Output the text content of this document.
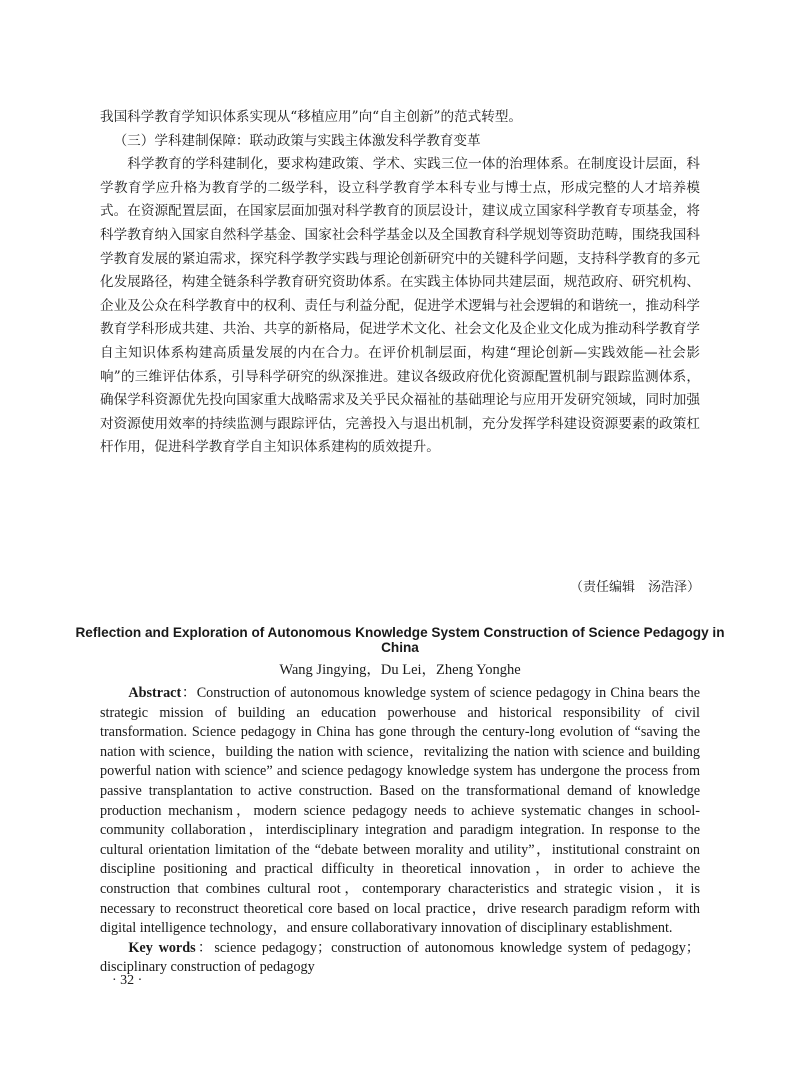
我国科学教育学知识体系实现从“移植应用”向“自主创新”的范式转型。

（三）学科建制保障：联动政策与实践主体激发科学教育变革

科学教育的学科建制化，要求构建政策、学术、实践三位一体的治理体系。在制度设计层面，科学教育学应升格为教育学的二级学科，设立科学教育学本科专业与博士点，形成完整的人才培养模式。在资源配置层面，在国家层面加强对科学教育的顶层设计，建议成立国家科学教育专项基金，将科学教育纳入国家自然科学基金、国家社会科学基金以及全国教育科学规划等资助范畴，围绕我国科学教育发展的紧迫需求，探究科学教学实践与理论创新研究中的关键科学问题，支持科学教育的多元化发展路径，构建全链条科学教育研究资助体系。在实践主体协同共建层面，规范政府、研究机构、企业及公众在科学教育中的权利、责任与利益分配，促进学术逻辑与社会逻辑的和谐统一，推动科学教育学科形成共建、共治、共享的新格局，促进学术文化、社会文化及企业文化成为推动科学教育学自主知识体系构建高质量发展的内在合力。在评价机制层面，构建“理论创新—实践效能—社会影响”的三维评估体系，引导科学研究的纵深推进。建议各级政府优化资源配置机制与跟踪监测体系，确保学科资源优先投向国家重大战略需求及关乎民众福祉的基础理论与应用开发研究领域，同时加强对资源使用效率的持续监测与跟踪评估，完善投入与退出机制，充分发挥学科建设资源要素的政策杠杆作用，促进科学教育学自主知识体系建构的质效提升。

（责任编辑　汤浩泽）
Reflection and Exploration of Autonomous Knowledge System Construction of Science Pedagogy in China
Wang Jingying，Du Lei，Zheng Yonghe

Abstract：Construction of autonomous knowledge system of science pedagogy in China bears the strategic mission of building an education powerhouse and historical responsibility of civil transformation. Science pedagogy in China has gone through the century-long evolution of “saving the nation with science，building the nation with science，revitalizing the nation with science and building powerful nation with science” and science pedagogy knowledge system has undergone the process from passive transplantation to active construction. Based on the transformational demand of knowledge production mechanism，modern science pedagogy needs to achieve systematic changes in school-community collaboration，interdisciplinary integration and paradigm integration. In response to the cultural orientation limitation of the “debate between morality and utility”，institutional constraint on discipline positioning and practical difficulty in theoretical innovation，in order to achieve the construction that combines cultural root，contemporary characteristics and strategic vision，it is necessary to reconstruct theoretical core based on local practice，drive research paradigm reform with digital intelligence technology，and ensure collaborativary innovation of disciplinary establishment.

Key words：science pedagogy；construction of autonomous knowledge system of pedagogy；disciplinary construction of pedagogy

· 32 ·
